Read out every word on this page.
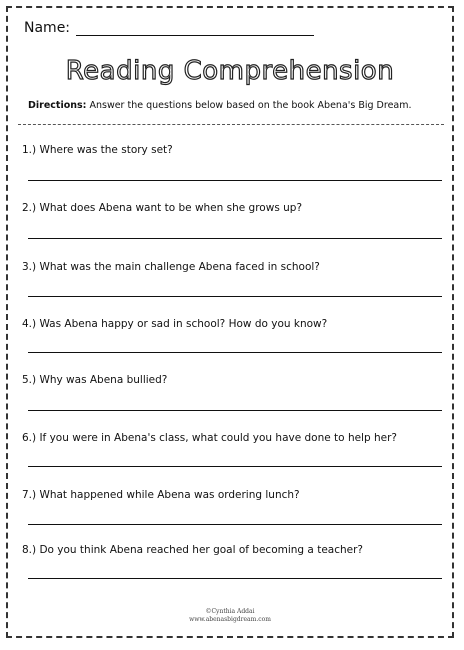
Name:
Reading Comprehension
Directions: Answer the questions below based on the book Abena's Big Dream.
1.) Where was the story set?
2.) What does Abena want to be when she grows up?
3.) What was the main challenge Abena faced in school?
4.) Was Abena happy or sad in school? How do you know?
5.) Why was Abena bullied?
6.) If you were in Abena's class, what could you have done to help her?
7.) What happened while Abena was ordering lunch?
8.) Do you think Abena reached her goal of becoming a teacher?
©Cynthia Addai
www.abenasbigdream.com
